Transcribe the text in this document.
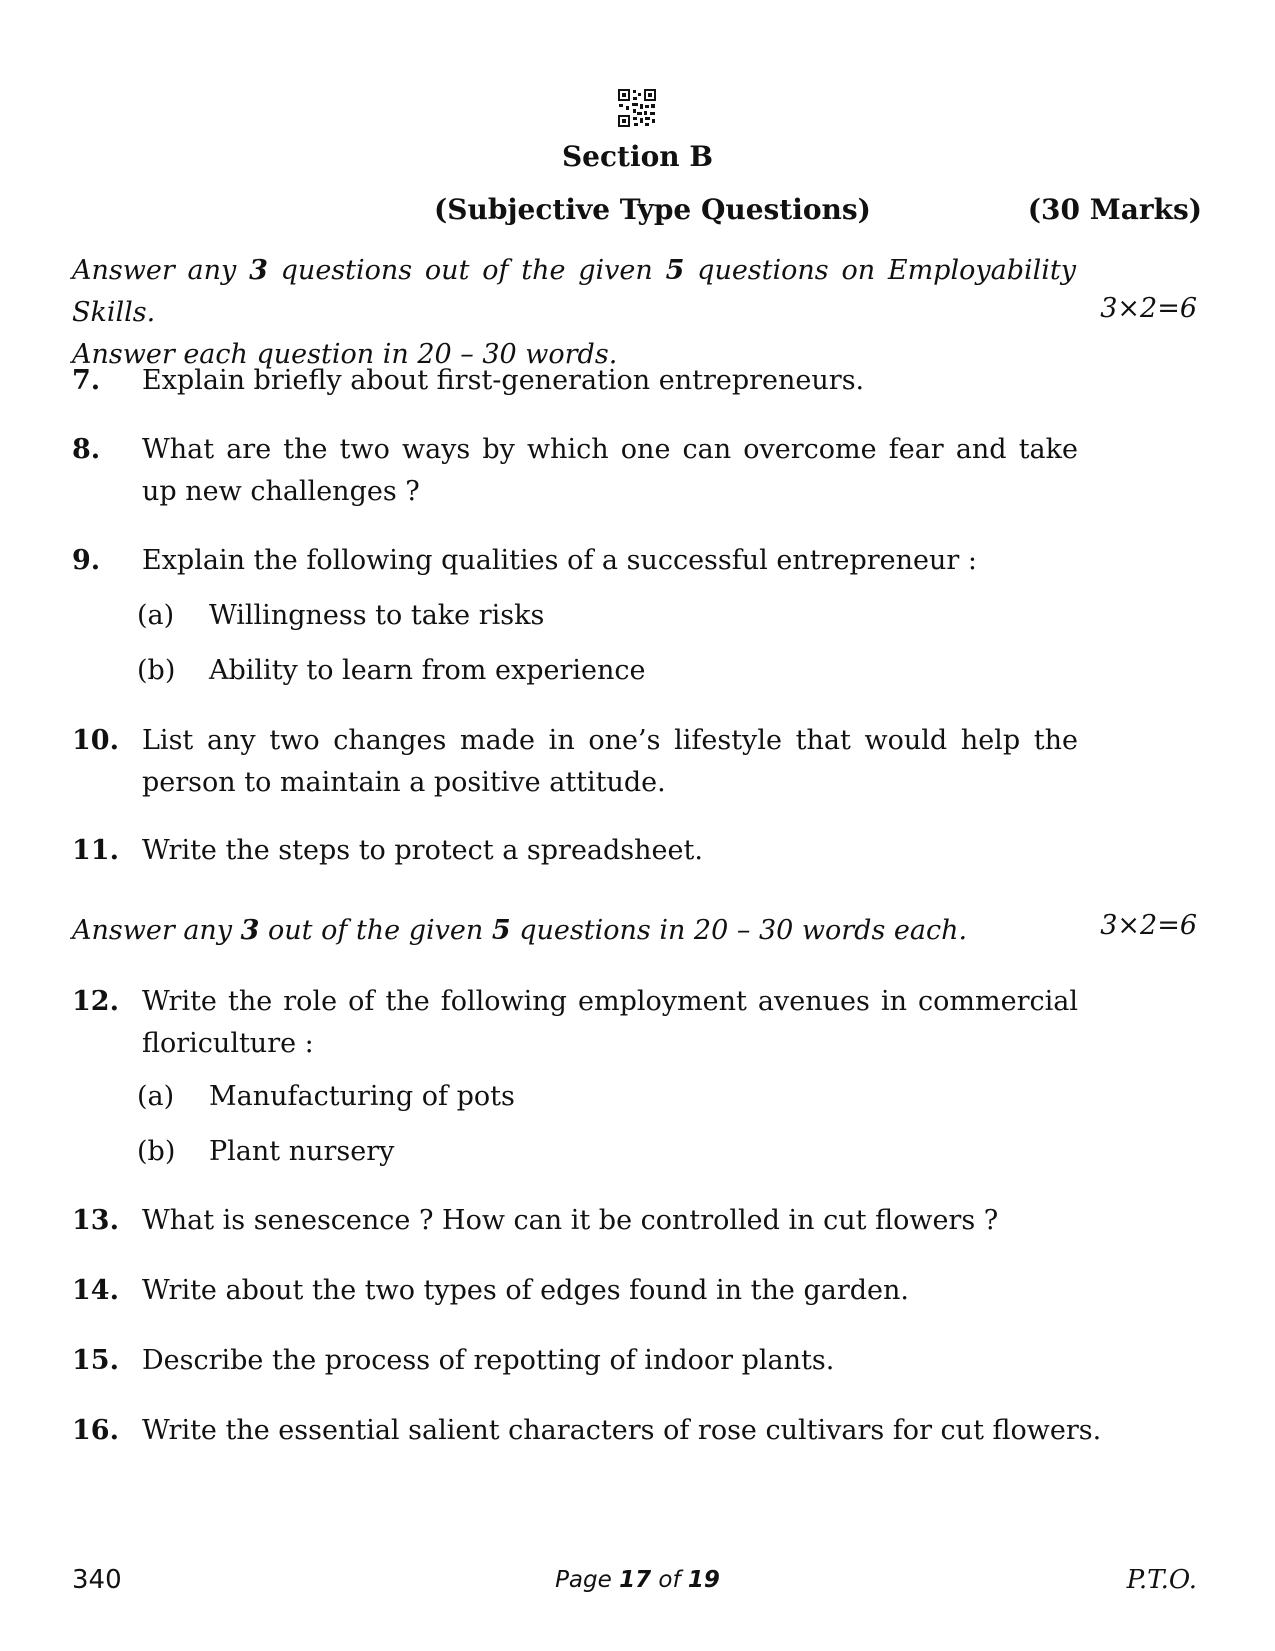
Section B
(Subjective Type Questions)	(30 Marks)
Answer any 3 questions out of the given 5 questions on Employability Skills.
Answer each question in 20 – 30 words.
3×2=6
7.	Explain briefly about first-generation entrepreneurs.
8.	What are the two ways by which one can overcome fear and take up new challenges ?
9.	Explain the following qualities of a successful entrepreneur :
(a) Willingness to take risks
(b) Ability to learn from experience
10. List any two changes made in one’s lifestyle that would help the person to maintain a positive attitude.
11. Write the steps to protect a spreadsheet.
Answer any 3 out of the given 5 questions in 20 – 30 words each.	3×2=6
12. Write the role of the following employment avenues in commercial floriculture :
(a) Manufacturing of pots
(b) Plant nursery
13. What is senescence ? How can it be controlled in cut flowers ?
14. Write about the two types of edges found in the garden.
15. Describe the process of repotting of indoor plants.
16. Write the essential salient characters of rose cultivars for cut flowers.
340	Page 17 of 19	P.T.O.
